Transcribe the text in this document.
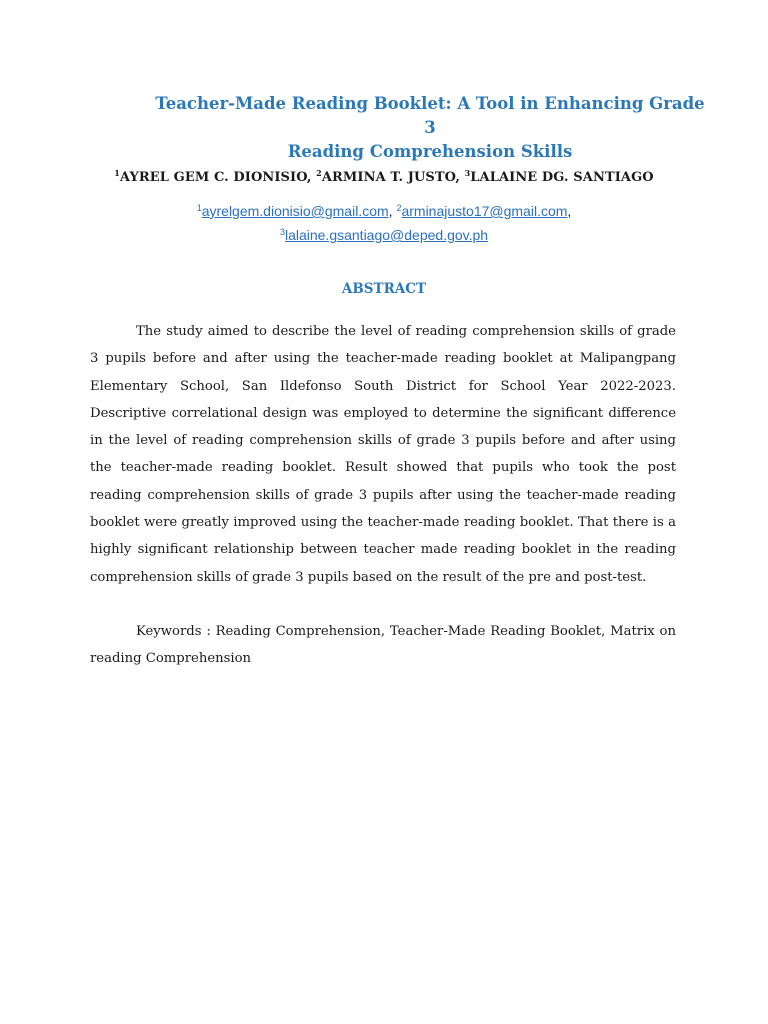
Teacher-Made Reading Booklet: A Tool in Enhancing Grade 3
Reading Comprehension Skills
$^1$AYREL GEM C. DIONISIO, $^2$ARMINA T. JUSTO, $^3$LALAINE DG. SANTIAGO
$^1$ayrelgem.dionisio@gmail.com, $^2$arminajusto17@gmail.com,
$^3$lalaine.gsantiago@deped.gov.ph
ABSTRACT

The study aimed to describe the level of reading comprehension skills of grade 3 pupils before and after using the teacher-made reading booklet at Malipangpang Elementary School, San Ildefonso South District for School Year 2022-2023. Descriptive correlational design was employed to determine the significant difference in the level of reading comprehension skills of grade 3 pupils before and after using the teacher-made reading booklet. Result showed that pupils who took the post reading comprehension skills of grade 3 pupils after using the teacher-made reading booklet were greatly improved using the teacher-made reading booklet. That there is a highly significant relationship between teacher made reading booklet in the reading comprehension skills of grade 3 pupils based on the result of the pre and post-test.

Keywords : Reading Comprehension, Teacher-Made Reading Booklet, Matrix on reading Comprehension
